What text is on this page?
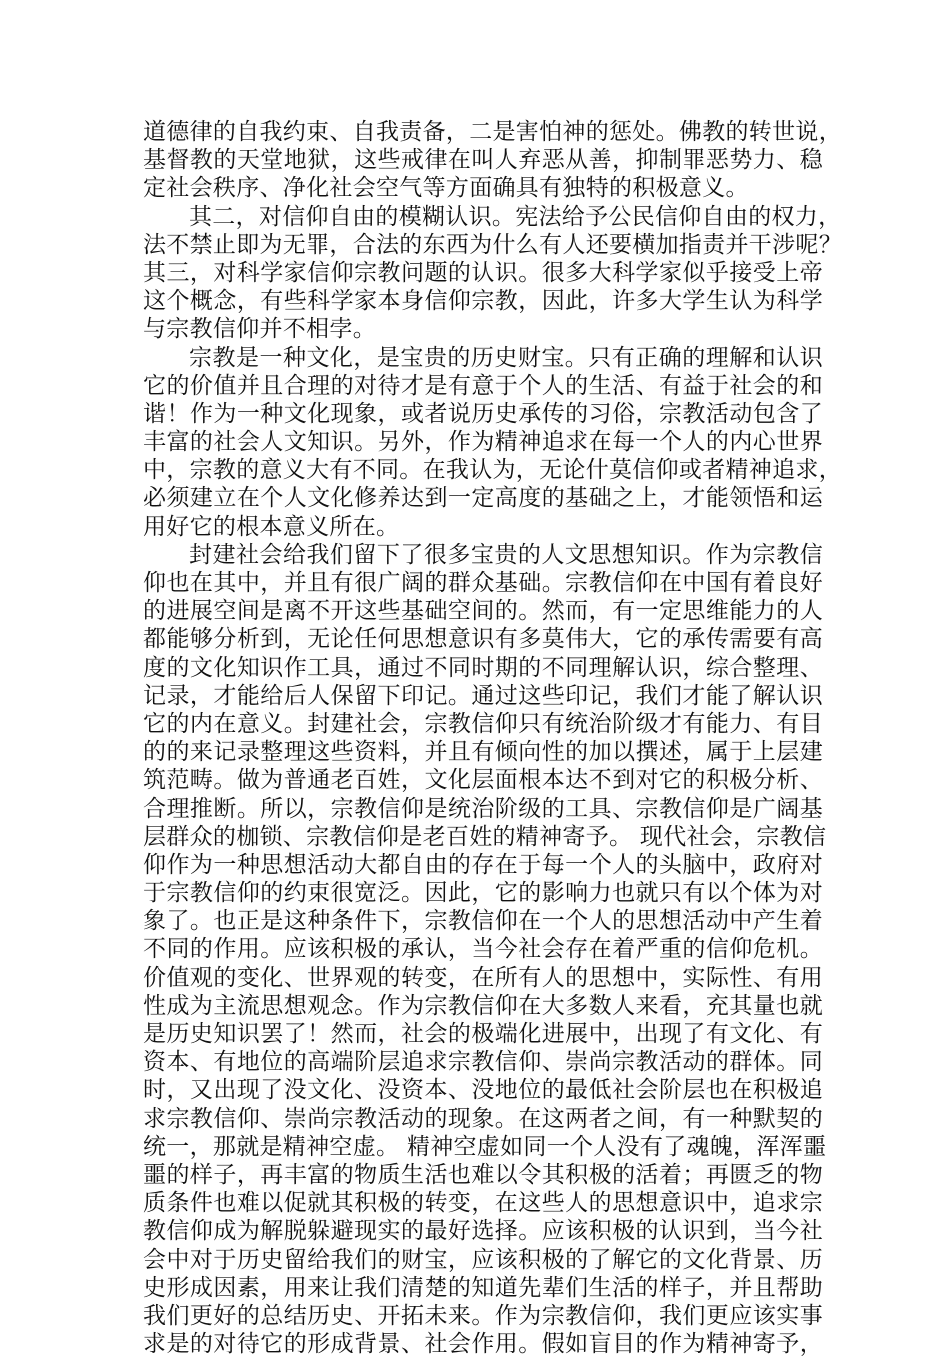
道德律的自我约束、自我责备，二是害怕神的惩处。佛教的转世说，
基督教的天堂地狱，这些戒律在叫人弃恶从善，抑制罪恶势力、稳
定社会秩序、净化社会空气等方面确具有独特的积极意义。
其二，对信仰自由的模糊认识。宪法给予公民信仰自由的权力，
法不禁止即为无罪，合法的东西为什么有人还要横加指责并干涉呢？
其三，对科学家信仰宗教问题的认识。很多大科学家似乎接受上帝
这个概念，有些科学家本身信仰宗教，因此，许多大学生认为科学
与宗教信仰并不相孛。
宗教是一种文化，是宝贵的历史财宝。只有正确的理解和认识
它的价值并且合理的对待才是有意于个人的生活、有益于社会的和
谐！作为一种文化现象，或者说历史承传的习俗，宗教活动包含了
丰富的社会人文知识。另外，作为精神追求在每一个人的内心世界
中，宗教的意义大有不同。在我认为，无论什莫信仰或者精神追求，
必须建立在个人文化修养达到一定高度的基础之上，才能领悟和运
用好它的根本意义所在。
封建社会给我们留下了很多宝贵的人文思想知识。作为宗教信
仰也在其中，并且有很广阔的群众基础。宗教信仰在中国有着良好
的进展空间是离不开这些基础空间的。然而，有一定思维能力的人
都能够分析到，无论任何思想意识有多莫伟大，它的承传需要有高
度的文化知识作工具，通过不同时期的不同理解认识，综合整理、
记录，才能给后人保留下印记。通过这些印记，我们才能了解认识
它的内在意义。封建社会，宗教信仰只有统治阶级才有能力、有目
的的来记录整理这些资料，并且有倾向性的加以撰述，属于上层建
筑范畴。做为普通老百姓，文化层面根本达不到对它的积极分析、
合理推断。所以，宗教信仰是统治阶级的工具、宗教信仰是广阔基
层群众的枷锁、宗教信仰是老百姓的精神寄予。 现代社会，宗教信
仰作为一种思想活动大都自由的存在于每一个人的头脑中，政府对
于宗教信仰的约束很宽泛。因此，它的影响力也就只有以个体为对
象了。也正是这种条件下，宗教信仰在一个人的思想活动中产生着
不同的作用。应该积极的承认，当今社会存在着严重的信仰危机。
价值观的变化、世界观的转变，在所有人的思想中，实际性、有用
性成为主流思想观念。作为宗教信仰在大多数人来看，充其量也就
是历史知识罢了！然而，社会的极端化进展中，出现了有文化、有
资本、有地位的高端阶层追求宗教信仰、崇尚宗教活动的群体。同
时，又出现了没文化、没资本、没地位的最低社会阶层也在积极追
求宗教信仰、崇尚宗教活动的现象。在这两者之间，有一种默契的
统一，那就是精神空虚。 精神空虚如同一个人没有了魂魄，浑浑噩
噩的样子，再丰富的物质生活也难以令其积极的活着；再匮乏的物
质条件也难以促就其积极的转变，在这些人的思想意识中，追求宗
教信仰成为解脱躲避现实的最好选择。应该积极的认识到，当今社
会中对于历史留给我们的财宝，应该积极的了解它的文化背景、历
史形成因素，用来让我们清楚的知道先辈们生活的样子，并且帮助
我们更好的总结历史、开拓未来。作为宗教信仰，我们更应该实事
求是的对待它的形成背景、社会作用。假如盲目的作为精神寄予，
